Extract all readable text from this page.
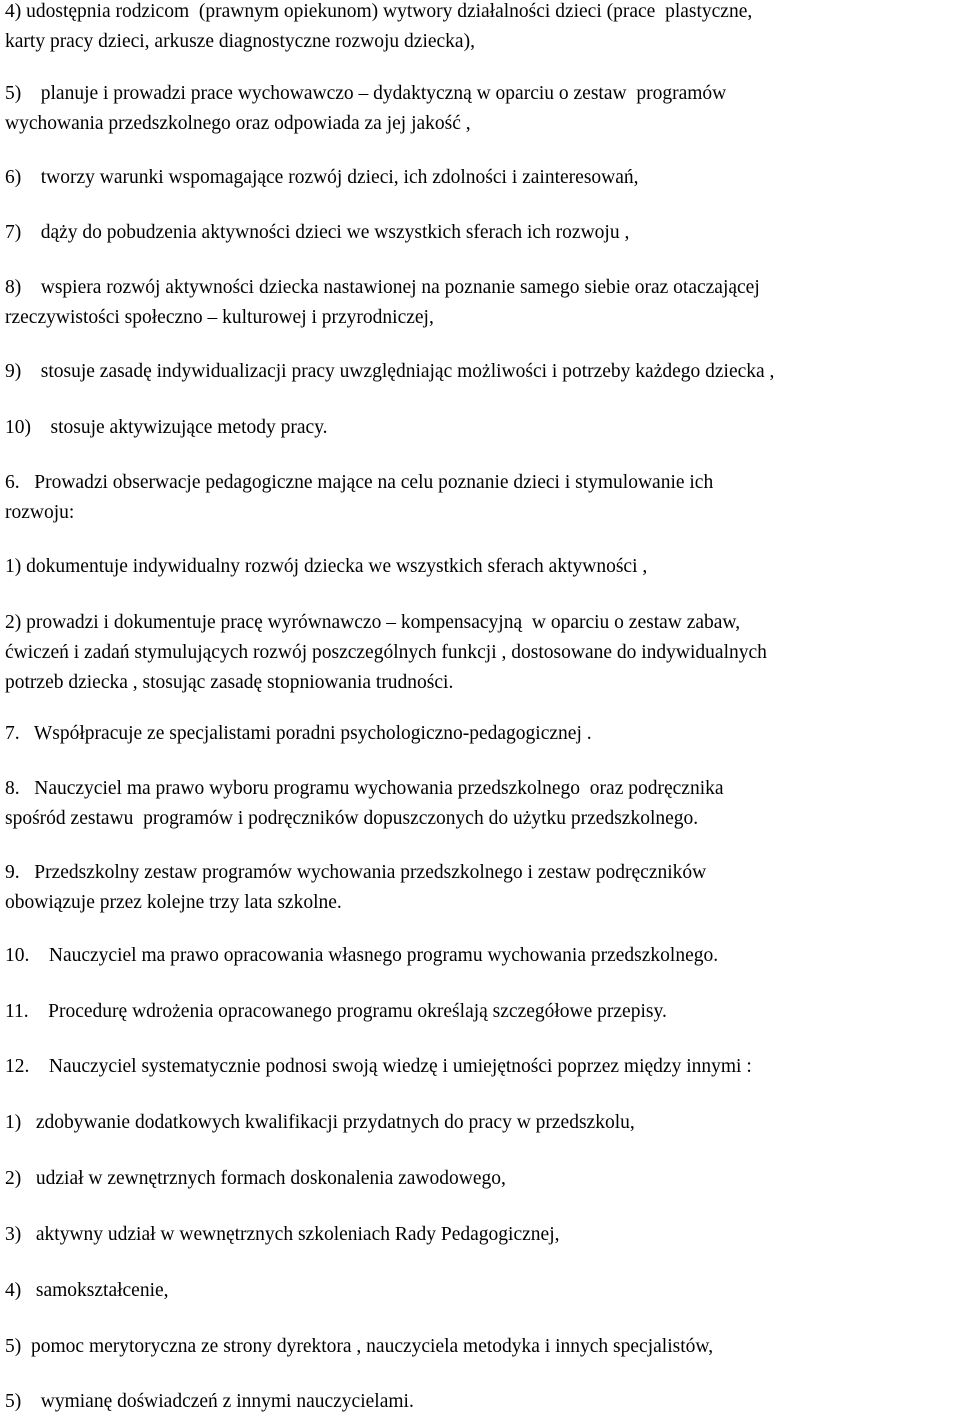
4) udostępnia rodzicom  (prawnym opiekunom) wytwory działalności dzieci (prace  plastyczne,
karty pracy dzieci, arkusze diagnostyczne rozwoju dziecka),
5)    planuje i prowadzi prace wychowawczo – dydaktyczną w oparciu o zestaw  programów
wychowania przedszkolnego oraz odpowiada za jej jakość ,
6)    tworzy warunki wspomagające rozwój dzieci, ich zdolności i zainteresowań,
7)    dąży do pobudzenia aktywności dzieci we wszystkich sferach ich rozwoju ,
8)    wspiera rozwój aktywności dziecka nastawionej na poznanie samego siebie oraz otaczającej
rzeczywistości społeczno – kulturowej i przyrodniczej,
9)    stosuje zasadę indywidualizacji pracy uwzględniając możliwości i potrzeby każdego dziecka ,
10)    stosuje aktywizujące metody pracy.
6.   Prowadzi obserwacje pedagogiczne mające na celu poznanie dzieci i stymulowanie ich
rozwoju:
1) dokumentuje indywidualny rozwój dziecka we wszystkich sferach aktywności ,
2) prowadzi i dokumentuje pracę wyrównawczo – kompensacyjną  w oparciu o zestaw zabaw,
ćwiczeń i zadań stymulujących rozwój poszczególnych funkcji , dostosowane do indywidualnych
potrzeb dziecka , stosując zasadę stopniowania trudności.
7.   Współpracuje ze specjalistami poradni psychologiczno-pedagogicznej .
8.   Nauczyciel ma prawo wyboru programu wychowania przedszkolnego  oraz podręcznika
spośród zestawu  programów i podręczników dopuszczonych do użytku przedszkolnego.
9.   Przedszkolny zestaw programów wychowania przedszkolnego i zestaw podręczników
obowiązuje przez kolejne trzy lata szkolne.
10.    Nauczyciel ma prawo opracowania własnego programu wychowania przedszkolnego.
11.    Procedurę wdrożenia opracowanego programu określają szczegółowe przepisy.
12.    Nauczyciel systematycznie podnosi swoją wiedzę i umiejętności poprzez między innymi :
1)   zdobywanie dodatkowych kwalifikacji przydatnych do pracy w przedszkolu,
2)   udział w zewnętrznych formach doskonalenia zawodowego,
3)   aktywny udział w wewnętrznych szkoleniach Rady Pedagogicznej,
4)   samokształcenie,
5)  pomoc merytoryczna ze strony dyrektora , nauczyciela metodyka i innych specjalistów,
5)    wymianę doświadczeń z innymi nauczycielami.
